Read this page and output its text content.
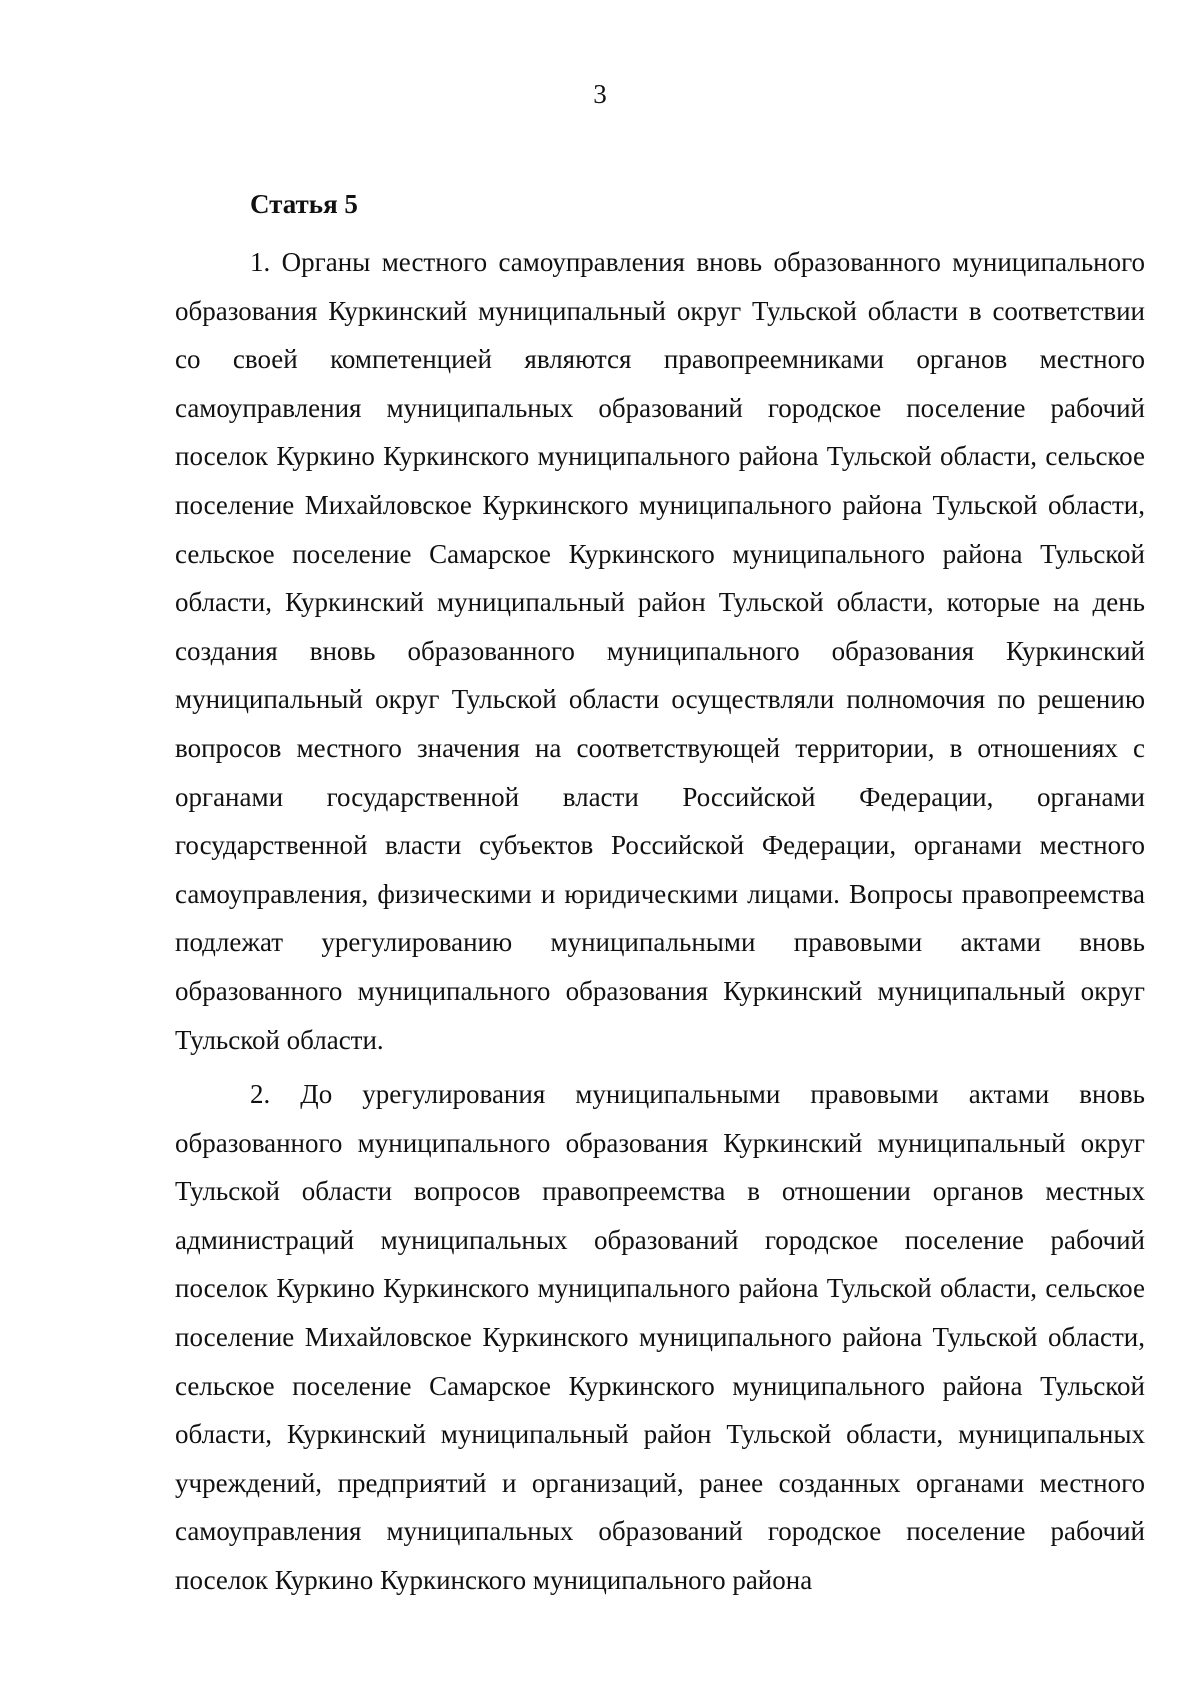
3
Статья 5

1. Органы местного самоуправления вновь образованного муниципального образования Куркинский муниципальный округ Тульской области в соответствии со своей компетенцией являются правопреемниками органов местного самоуправления муниципальных образований городское поселение рабочий поселок Куркино Куркинского муниципального района Тульской области, сельское поселение Михайловское Куркинского муниципального района Тульской области, сельское поселение Самарское Куркинского муниципального района Тульской области, Куркинский муниципальный район Тульской области, которые на день создания вновь образованного муниципального образования Куркинский муниципальный округ Тульской области осуществляли полномочия по решению вопросов местного значения на соответствующей территории, в отношениях с органами государственной власти Российской Федерации, органами государственной власти субъектов Российской Федерации, органами местного самоуправления, физическими и юридическими лицами. Вопросы правопреемства подлежат урегулированию муниципальными правовыми актами вновь образованного муниципального образования Куркинский муниципальный округ Тульской области.

2. До урегулирования муниципальными правовыми актами вновь образованного муниципального образования Куркинский муниципальный округ Тульской области вопросов правопреемства в отношении органов местных администраций муниципальных образований городское поселение рабочий поселок Куркино Куркинского муниципального района Тульской области, сельское поселение Михайловское Куркинского муниципального района Тульской области, сельское поселение Самарское Куркинского муниципального района Тульской области, Куркинский муниципальный район Тульской области, муниципальных учреждений, предприятий и организаций, ранее созданных органами местного самоуправления муниципальных образований городское поселение рабочий поселок Куркино Куркинского муниципального района
